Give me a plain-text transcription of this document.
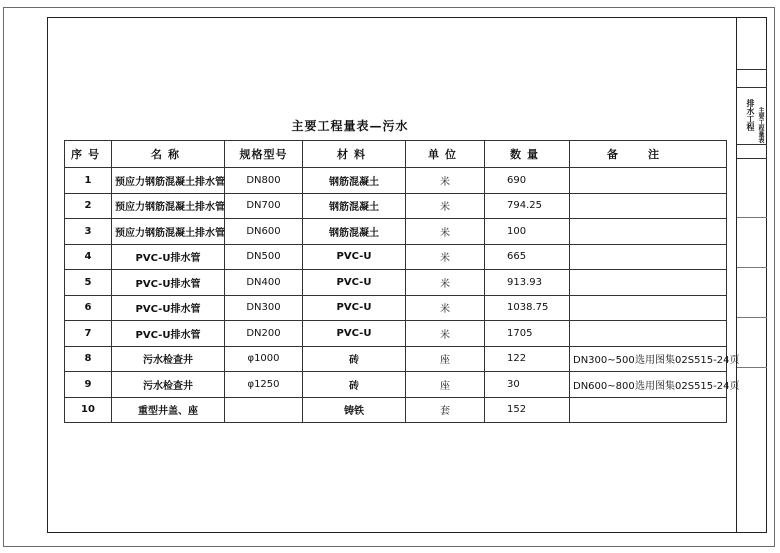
排水工程 主要工程量表
主要工程量表—污水
序号	名称	规格型号	材料	单位	数量	备注
1	预应力钢筋混凝土排水管	DN800	钢筋混凝土	米	690	
2	预应力钢筋混凝土排水管	DN700	钢筋混凝土	米	794.25	
3	预应力钢筋混凝土排水管	DN600	钢筋混凝土	米	100	
4	PVC-U排水管	DN500	PVC-U	米	665	
5	PVC-U排水管	DN400	PVC-U	米	913.93	
6	PVC-U排水管	DN300	PVC-U	米	1038.75	
7	PVC-U排水管	DN200	PVC-U	米	1705	
8	污水检查井	φ1000	砖	座	122	DN300~500选用图集02S515-24页
9	污水检查井	φ1250	砖	座	30	DN600~800选用图集02S515-24页
10	重型井盖、座		铸铁	套	152	
